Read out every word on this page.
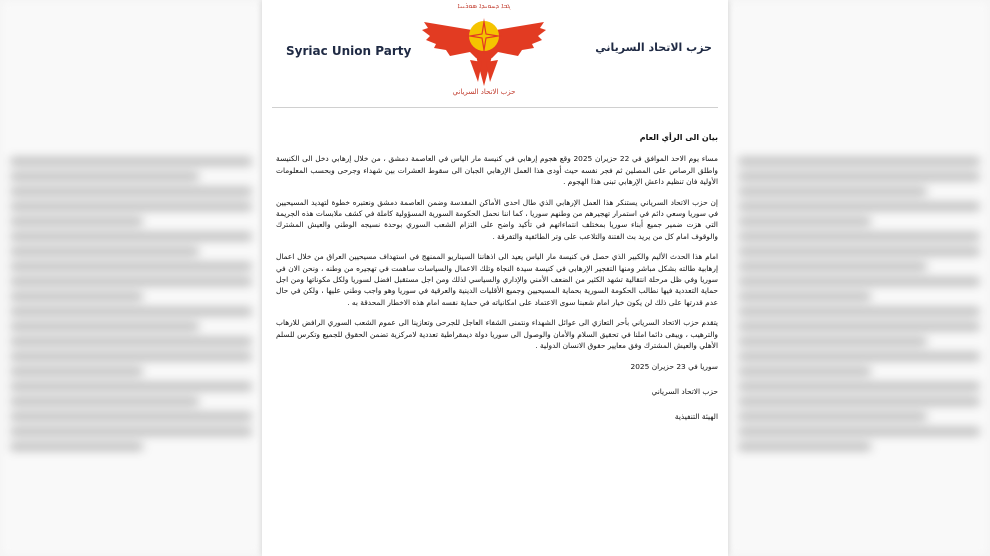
Syriac Union Party
ܓܒܐ ܕܚܘܝܕܐ ܣܘܪܝܝܐ
حزب الاتحاد السرياني
حزب الاتحاد السرياني
بيان الى الرأي العام

مساء يوم الاحد الموافق في 22 حزيران 2025 وقع هجوم إرهابي في كنيسة مار الياس في العاصمة دمشق ، من خلال إرهابي دخل الى الكنيسة واطلق الرصاص على المصلين ثم فجر نفسه حيث أودى هذا العمل الإرهابي الجبان الى سقوط العشرات بين شهداء وجرحى وبحسب المعلومات الأولية فان تنظيم داعش الإرهابي تبنى هذا الهجوم .

إن حزب الاتحاد السرياني يستنكر هذا العمل الإرهابي الذي طال احدى الأماكن المقدسة وضمن العاصمة دمشق ونعتبره خطوة لتهديد المسيحيين في سوريا وسعي دائم في استمرار تهجيرهم من وطنهم سوريا ، كما اننا نحمل الحكومة السورية المسؤولية كاملة في كشف ملابسات هذه الجريمة التي هزت ضمير جميع أبناء سوريا بمختلف انتماءاتهم في تأكيد واضح على التزام الشعب السوري بوحدة نسيجه الوطني والعيش المشترك والوقوف امام كل من يريد بث الفتنة والتلاعب على وتر الطائفية والتفرقة .

امام هذا الحدث الأليم والكبير الذي حصل في كنيسة مار الياس يعيد الى اذهاننا السيناريو الممنهج في استهداف مسيحيين العراق من خلال اعمال إرهابية طالته بشكل مباشر ومنها التفجير الإرهابي في كنيسة سيدة النجاة وتلك الاعمال والسياسات ساهمت في تهجيره من وطنه ، ونحن الان في سوريا وفي ظل مرحلة انتقالية تشهد الكثير من الضعف الأمني والإداري والسياسي لذلك ومن اجل مستقبل افضل لسوريا ولكل مكوناتها ومن اجل حماية التعددية فيها نطالب الحكومة السورية بحماية المسيحيين وجميع الأقليات الدينية والعرقية في سوريا وهو واجب وطني عليها ، ولكن في حال عدم قدرتها على ذلك لن يكون خيار امام شعبنا سوى الاعتماد على امكانياته في حماية نفسه امام هذه الاخطار المحدقة به .

يتقدم حزب الاتحاد السرياني بأحر التعازي الى عوائل الشهداء ونتمنى الشفاء العاجل للجرحى وتعازينا الى عموم الشعب السوري الرافض للارهاب والترهيب ، ويبقى دائما املنا في تحقيق السلام والأمان والوصول الى سوريا دولة ديمقراطية تعددية لامركزية تضمن الحقوق للجميع وتكرس للسلم الأهلي والعيش المشترك وفق معايير حقوق الانسان الدولية .

سوريا في 23 حزيران 2025
حزب الاتحاد السرياني
الهيئة التنفيذية
